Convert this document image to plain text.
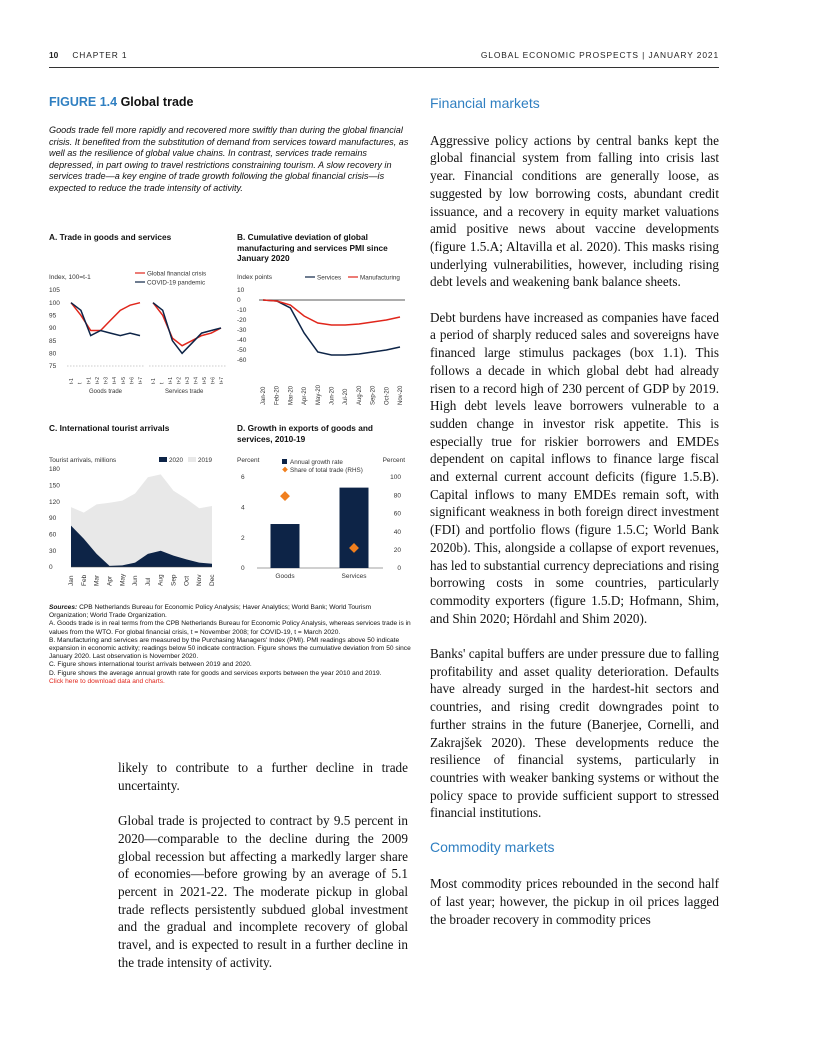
10 CHAPTER 1	GLOBAL ECONOMIC PROSPECTS | JANUARY 2021
FIGURE 1.4 Global trade
Goods trade fell more rapidly and recovered more swiftly than during the global financial crisis. It benefited from the substitution of demand from services toward manufactures, as well as the resilience of global value chains. In contrast, services trade remains depressed, in part owing to travel restrictions constraining tourism. A slow recovery in services trade—a key engine of trade growth following the global financial crisis—is expected to reduce the trade intensity of activity.
A. Trade in goods and services
Index, 100=t-1
Goods trade	Services trade
Global financial crisis
COVID-19 pandemic
105
100
95
90
85
80
75
t-1 t t+1 t+2 t+3 t+4 t+5 t+6 t+7 t-1 t t+1 t+2 t+3 t+4 t+5 t+6 t+7
B. Cumulative deviation of global manufacturing and services PMI since January 2020
Index points	Services	Manufacturing
10
0
-10
-20
-30
-40
-50
-60
Jan-20 Feb-20 Mar-20 Apr-20 May-20 Jun-20 Jul-20 Aug-20 Sep-20 Oct-20 Nov-20
C. International tourist arrivals
Tourist arrivals, millions	2020 2019
180
150
120
90
60
30
0
Jan Feb Mar Apr May Jun Jul Aug Sep Oct Nov Dec
D. Growth in exports of goods and services, 2010-19
Percent	Percent
Annual growth rate
Share of total trade (RHS)
6
4
2
0
100
80
60
40
20
0
Goods	Services
Sources: CPB Netherlands Bureau for Economic Policy Analysis; Haver Analytics; World Bank; World Tourism Organization; World Trade Organization.
A. Goods trade is in real terms from the CPB Netherlands Bureau for Economic Policy Analysis, whereas services trade is in values from the WTO. For global financial crisis, t = November 2008; for COVID-19, t = March 2020.
B. Manufacturing and services are measured by the Purchasing Managers' Index (PMI). PMI readings above 50 indicate expansion in economic activity; readings below 50 indicate contraction. Figure shows the cumulative deviation from 50 since January 2020. Last observation is November 2020.
C. Figure shows international tourist arrivals between 2019 and 2020.
D. Figure shows the average annual growth rate for goods and services exports between the year 2010 and 2019.
Click here to download data and charts.

likely to contribute to a further decline in trade uncertainty.

Global trade is projected to contract by 9.5 percent in 2020—comparable to the decline during the 2009 global recession but affecting a markedly larger share of economies—before growing by an average of 5.1 percent in 2021-22. The moderate pickup in global trade reflects persistently subdued global investment and the gradual and incomplete recovery of global travel, and is expected to result in a further decline in the trade intensity of activity.

Financial markets

Aggressive policy actions by central banks kept the global financial system from falling into crisis last year. Financial conditions are generally loose, as suggested by low borrowing costs, abundant credit issuance, and a recovery in equity market valuations amid positive news about vaccine developments (figure 1.5.A; Altavilla et al. 2020). This masks rising underlying vulnerabilities, however, including rising debt levels and weakening bank balance sheets.

Debt burdens have increased as companies have faced a period of sharply reduced sales and sovereigns have financed large stimulus packages (box 1.1). This follows a decade in which global debt had already risen to a record high of 230 percent of GDP by 2019. High debt levels leave borrowers vulnerable to a sudden change in investor risk appetite. This is especially true for riskier borrowers and EMDEs dependent on capital inflows to finance large fiscal and external current account deficits (figure 1.5.B). Capital inflows to many EMDEs remain soft, with significant weakness in both foreign direct investment (FDI) and portfolio flows (figure 1.5.C; World Bank 2020b). This, alongside a collapse of export revenues, has led to substantial currency depreciations and rising borrowing costs in some countries, particularly commodity exporters (figure 1.5.D; Hofmann, Shim, and Shin 2020; Hördahl and Shim 2020).

Banks' capital buffers are under pressure due to falling profitability and asset quality deterioration. Defaults have already surged in the hardest-hit sectors and countries, and rising credit downgrades point to further strains in the future (Banerjee, Cornelli, and Zakrajšek 2020). These developments reduce the resilience of financial systems, particularly in countries with weaker banking systems or without the policy space to provide sufficient support to stressed financial institutions.

Commodity markets

Most commodity prices rebounded in the second half of last year; however, the pickup in oil prices lagged the broader recovery in commodity prices
